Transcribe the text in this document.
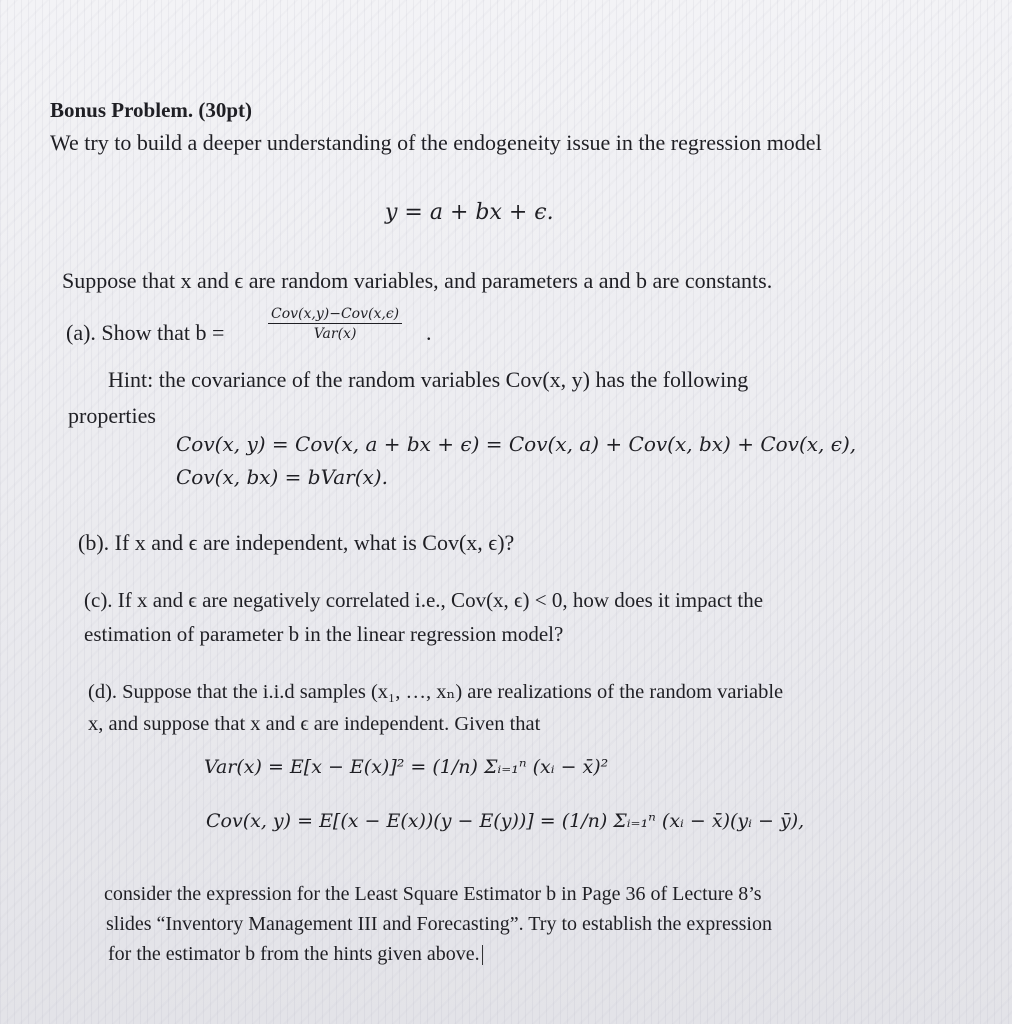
Bonus Problem. (30pt)
We try to build a deeper understanding of the endogeneity issue in the regression model
y = a + bx + ϵ.
Suppose that x and ϵ are random variables, and parameters a and b are constants.
(a). Show that b =
Cov(x,y)−Cov(x,ϵ)
Var(x)	.
Hint: the covariance of the random variables Cov(x, y) has the following
properties
Cov(x, y) = Cov(x, a + bx + ϵ) = Cov(x, a) + Cov(x, bx) + Cov(x, ϵ),
Cov(x, bx) = bVar(x).
(b). If x and ϵ are independent, what is Cov(x, ϵ)?
(c). If x and ϵ are negatively correlated i.e., Cov(x, ϵ) < 0, how does it impact the
estimation of parameter b in the linear regression model?
(d). Suppose that the i.i.d samples (x₁, …, xₙ) are realizations of the random variable
x, and suppose that x and ϵ are independent. Given that
Var(x) = E[x − E(x)]² = (1/n) Σᵢ₌₁ⁿ (xᵢ − x̄)²
Cov(x, y) = E[(x − E(x))(y − E(y))] = (1/n) Σᵢ₌₁ⁿ (xᵢ − x̄)(yᵢ − ȳ),
consider the expression for the Least Square Estimator b in Page 36 of Lecture 8’s
slides “Inventory Management III and Forecasting”. Try to establish the expression
for the estimator b from the hints given above.
